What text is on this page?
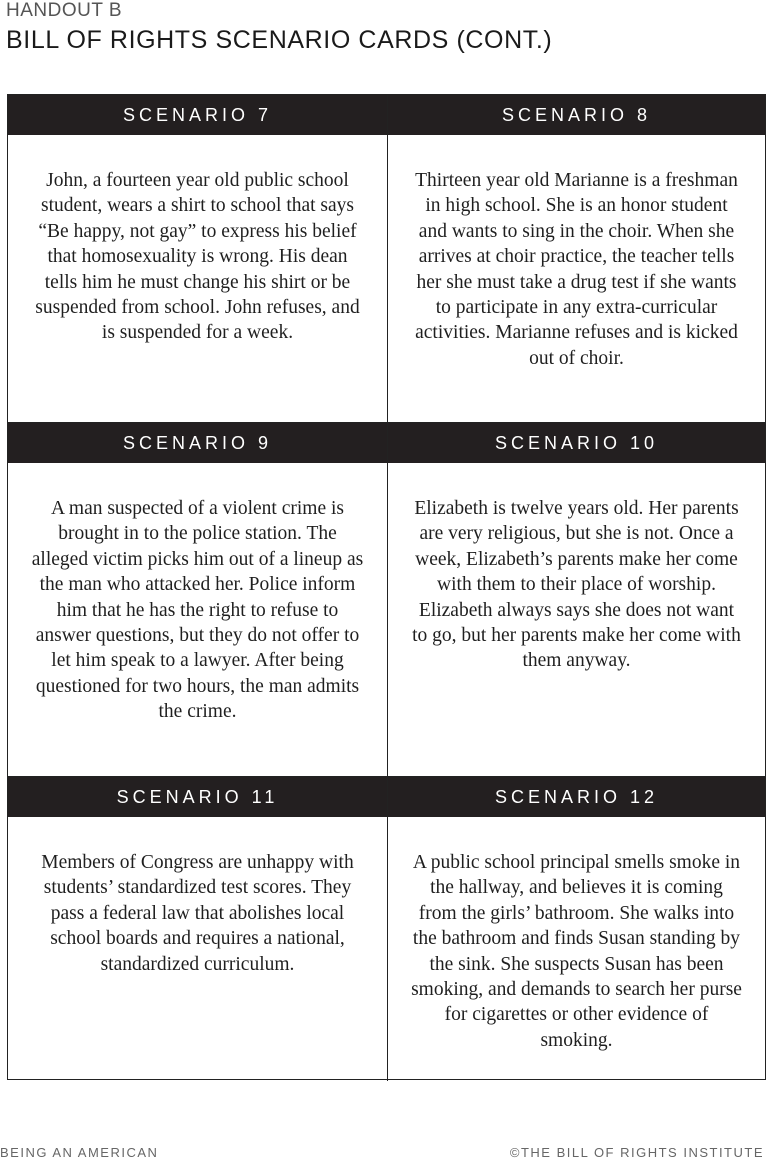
HANDOUT B
BILL OF RIGHTS SCENARIO CARDS (CONT.)
SCENARIO 7
John, a fourteen year old public school student, wears a shirt to school that says “Be happy, not gay” to express his belief that homosexuality is wrong. His dean tells him he must change his shirt or be suspended from school. John refuses, and is suspended for a week.
SCENARIO 8
Thirteen year old Marianne is a freshman in high school. She is an honor student and wants to sing in the choir. When she arrives at choir practice, the teacher tells her she must take a drug test if she wants to participate in any extra-curricular activities. Marianne refuses and is kicked out of choir.
SCENARIO 9
A man suspected of a violent crime is brought in to the police station. The alleged victim picks him out of a lineup as the man who attacked her. Police inform him that he has the right to refuse to answer questions, but they do not offer to let him speak to a lawyer. After being questioned for two hours, the man admits the crime.
SCENARIO 10
Elizabeth is twelve years old. Her parents are very religious, but she is not. Once a week, Elizabeth’s parents make her come with them to their place of worship. Elizabeth always says she does not want to go, but her parents make her come with them anyway.
SCENARIO 11
Members of Congress are unhappy with students’ standardized test scores. They pass a federal law that abolishes local school boards and requires a national, standardized curriculum.
SCENARIO 12
A public school principal smells smoke in the hallway, and believes it is coming from the girls’ bathroom. She walks into the bathroom and finds Susan standing by the sink. She suspects Susan has been smoking, and demands to search her purse for cigarettes or other evidence of smoking.
BEING AN AMERICAN	©THE BILL OF RIGHTS INSTITUTE
